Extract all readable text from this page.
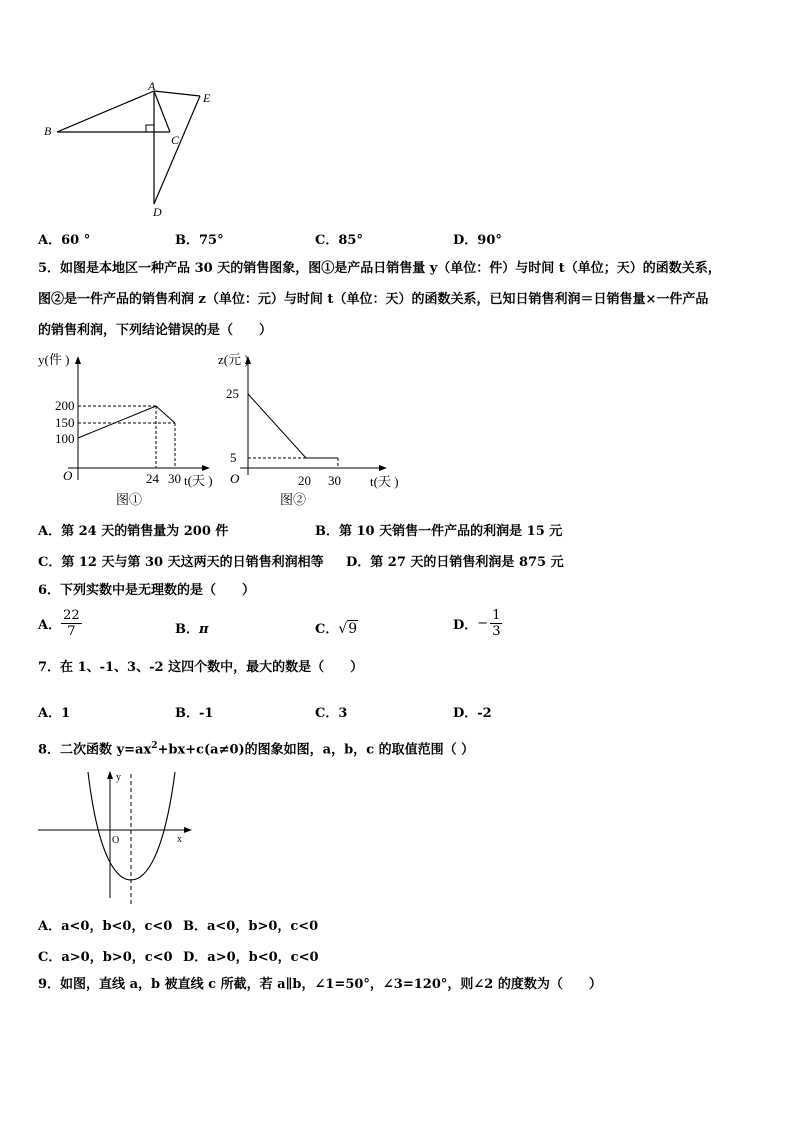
A
B
C
D
E
A．60 °	B．75°	C．85°	D．90°
5．如图是本地区一种产品 30 天的销售图象，图①是产品日销售量 y（单位：件）与时间 t（单位；天）的函数关系，
图②是一件产品的销售利润 z（单位：元）与时间 t（单位：天）的函数关系，已知日销售利润＝日销售量×一件产品
的销售利润，下列结论错误的是（　　）
y(件 )
200
150
100
O	24 30 t(天 )
图①
z(元 )
25
5
O	20 30 t(天 )
图②
A．第 24 天的销售量为 200 件	B．第 10 天销售一件产品的利润是 15 元
C．第 12 天与第 30 天这两天的日销售利润相等 D．第 27 天的日销售利润是 875 元
6．下列实数中是无理数的是（　　）
A． $\frac{22}{7}$	B．π	C．√9	D． − $\frac{1}{3}$
7．在 1、-1、3、-2 这四个数中，最大的数是（　　）
A．1	B．-1	C．3	D．-2
8．二次函数 $y=ax^2+bx+c(a\ne 0)$的图象如图，a，b，c 的取值范围（ ）
y
x
O
A．a<0，b<0，c<0 B．a<0，b>0，c<0
C．a>0，b>0，c<0 D．a>0，b<0，c<0
9．如图，直线 a，b 被直线 c 所截，若 a∥b，∠1=50°，∠3=120°，则∠2 的度数为（　　）
